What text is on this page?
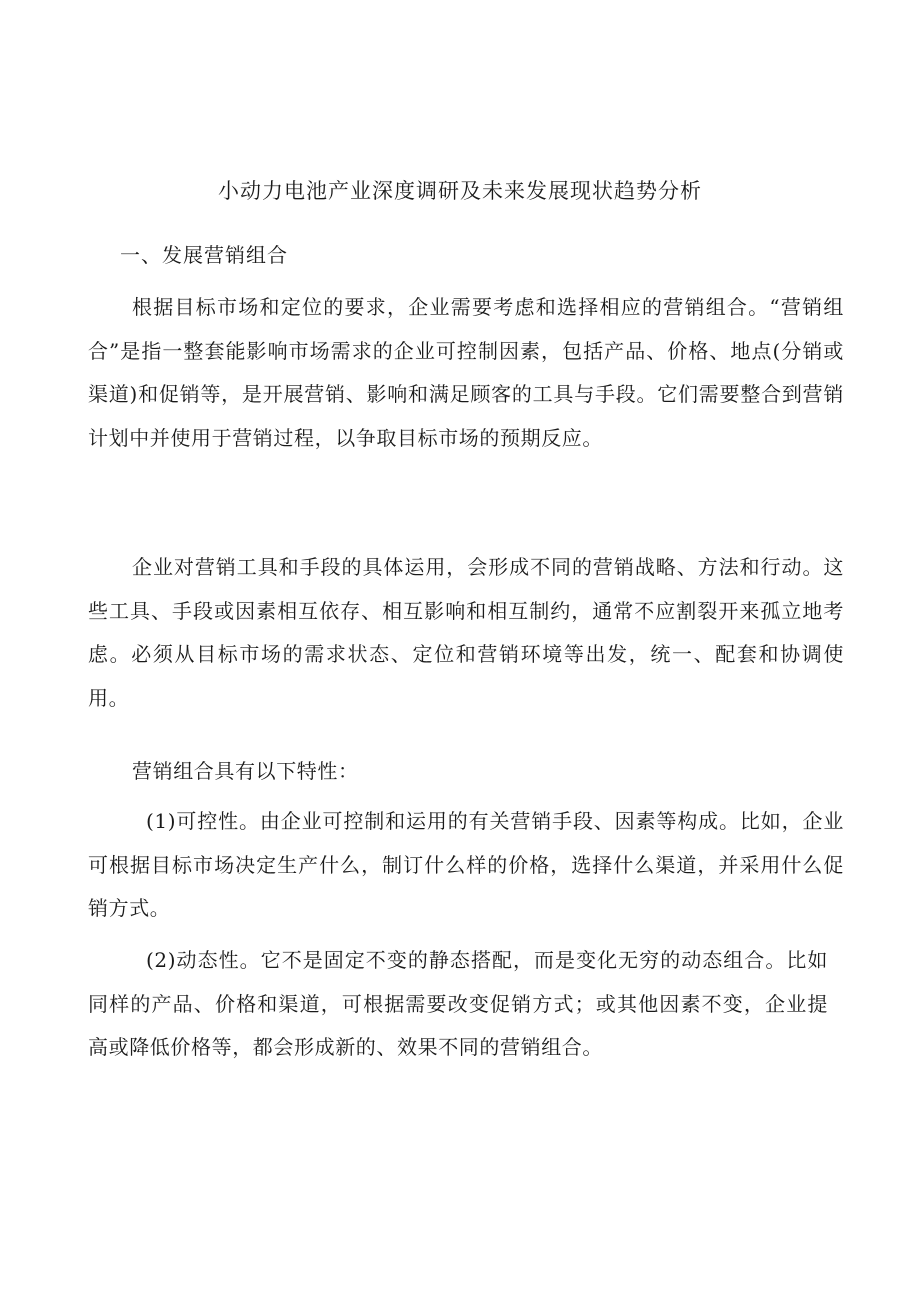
小动力电池产业深度调研及未来发展现状趋势分析
一、发展营销组合

根据目标市场和定位的要求，企业需要考虑和选择相应的营销组合。“营销组合”是指一整套能影响市场需求的企业可控制因素，包括产品、价格、地点(分销或渠道)和促销等，是开展营销、影响和满足顾客的工具与手段。它们需要整合到营销计划中并使用于营销过程，以争取目标市场的预期反应。

企业对营销工具和手段的具体运用，会形成不同的营销战略、方法和行动。这些工具、手段或因素相互依存、相互影响和相互制约，通常不应割裂开来孤立地考虑。必须从目标市场的需求状态、定位和营销环境等出发，统一、配套和协调使用。

营销组合具有以下特性：

(1)可控性。由企业可控制和运用的有关营销手段、因素等构成。比如，企业可根据目标市场决定生产什么，制订什么样的价格，选择什么渠道，并采用什么促销方式。

(2)动态性。它不是固定不变的静态搭配，而是变化无穷的动态组合。比如同样的产品、价格和渠道，可根据需要改变促销方式；或其他因素不变，企业提高或降低价格等，都会形成新的、效果不同的营销组合。
